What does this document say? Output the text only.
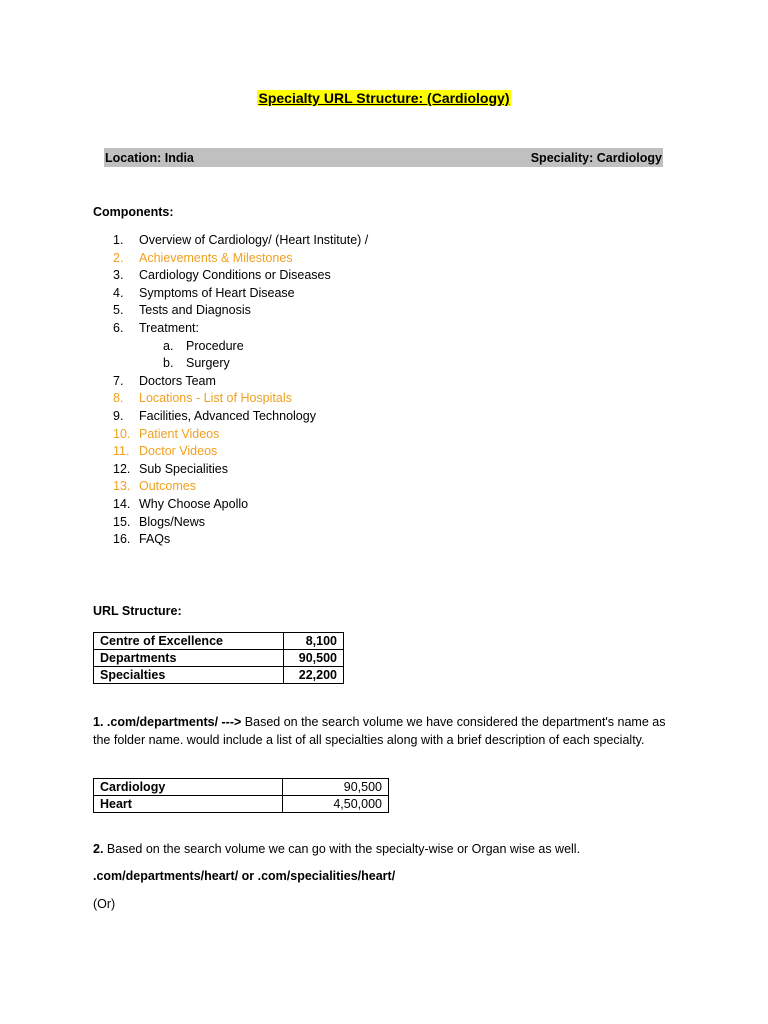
Specialty URL Structure: (Cardiology)
Location: India	Speciality: Cardiology
Components:
1. Overview of Cardiology/ (Heart Institute) /
2. Achievements & Milestones
3. Cardiology Conditions or Diseases
4. Symptoms of Heart Disease
5. Tests and Diagnosis
6. Treatment:
a. Procedure
b. Surgery
7. Doctors Team
8. Locations - List of Hospitals
9. Facilities, Advanced Technology
10. Patient Videos
11. Doctor Videos
12. Sub Specialities
13. Outcomes
14. Why Choose Apollo
15. Blogs/News
16. FAQs
URL Structure:
Centre of Excellence	8,100
Departments	90,500
Specialties	22,200
1. .com/departments/ ---> Based on the search volume we have considered the department's name as the folder name. would include a list of all specialties along with a brief description of each specialty.
Cardiology	90,500
Heart	4,50,000
2. Based on the search volume we can go with the specialty-wise or Organ wise as well.
.com/departments/heart/ or .com/specialities/heart/
(Or)
